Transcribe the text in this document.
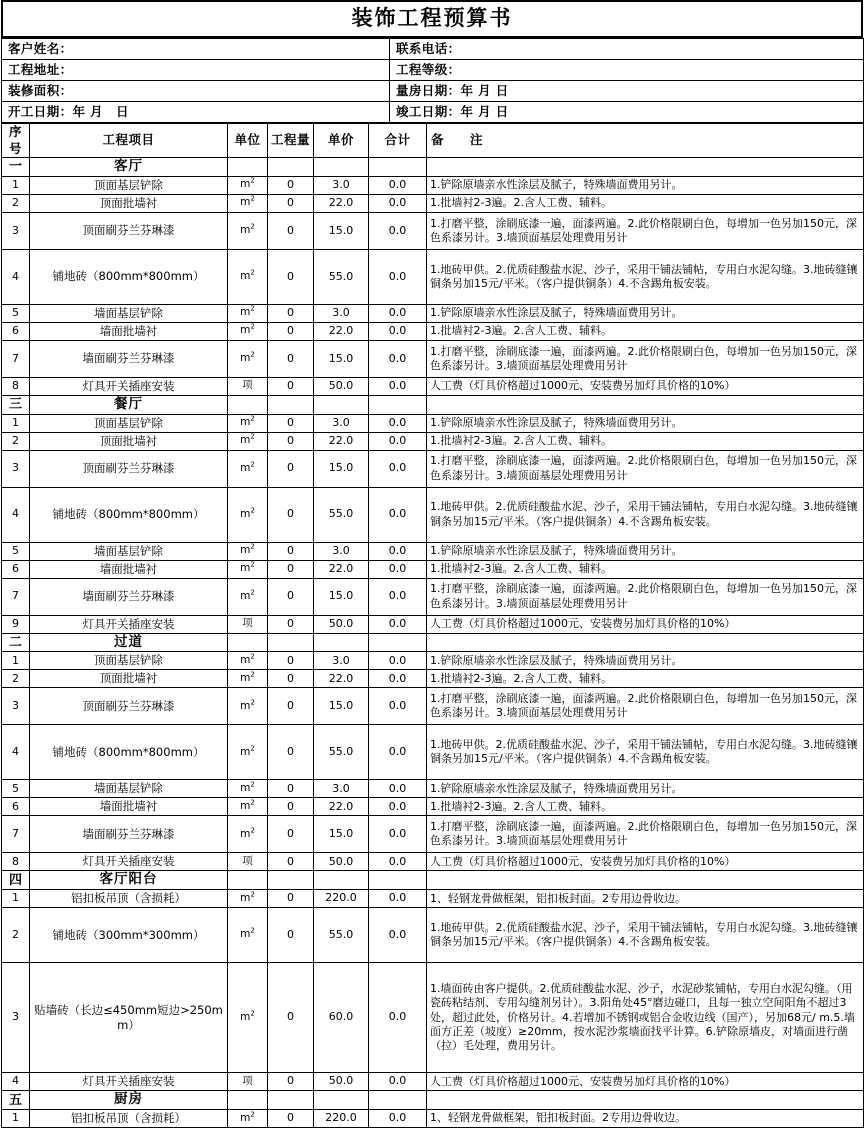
装饰工程预算书
客户姓名：	联系电话：
工程地址：	工程等级：
装修面积：	量房日期：年 月 日
开工日期：年 月　日	竣工日期：年 月 日
序号	工程项目	单位	工程量	单价	合计	备　　注
一	客厅					
1	顶面基层铲除	$m^2$	0	3.0	0.0	1.铲除原墙亲水性涂层及腻子，特殊墙面费用另计。
2	顶面批墙衬	$m^2$	0	22.0	0.0	1.批墙衬2-3遍。2.含人工费、辅料。
3	顶面刷芬兰芬琳漆	$m^2$	0	15.0	0.0	1.打磨平整，涂刷底漆一遍，面漆两遍。2.此价格限刷白色，每增加一色另加150元，深色系漆另计。3.墙顶面基层处理费用另计
4	铺地砖（800mm*800mm）	$m^2$	0	55.0	0.0	1.地砖甲供。2.优质硅酸盐水泥、沙子，采用干铺法铺帖，专用白水泥勾缝。3.地砖缝镶铜条另加15元/平米。（客户提供铜条）4.不含踢角板安装。
5	墙面基层铲除	$m^2$	0	3.0	0.0	1.铲除原墙亲水性涂层及腻子，特殊墙面费用另计。
6	墙面批墙衬	$m^2$	0	22.0	0.0	1.批墙衬2-3遍。2.含人工费、辅料。
7	墙面刷芬兰芬琳漆	$m^2$	0	15.0	0.0	1.打磨平整，涂刷底漆一遍，面漆两遍。2.此价格限刷白色，每增加一色另加150元，深色系漆另计。3.墙顶面基层处理费用另计
8	灯具开关插座安装	项	0	50.0	0.0	人工费（灯具价格超过1000元、安装费另加灯具价格的10%）
三	餐厅					
1	顶面基层铲除	$m^2$	0	3.0	0.0	1.铲除原墙亲水性涂层及腻子，特殊墙面费用另计。
2	顶面批墙衬	$m^2$	0	22.0	0.0	1.批墙衬2-3遍。2.含人工费、辅料。
3	顶面刷芬兰芬琳漆	$m^2$	0	15.0	0.0	1.打磨平整，涂刷底漆一遍，面漆两遍。2.此价格限刷白色，每增加一色另加150元，深色系漆另计。3.墙顶面基层处理费用另计
4	铺地砖（800mm*800mm）	$m^2$	0	55.0	0.0	1.地砖甲供。2.优质硅酸盐水泥、沙子，采用干铺法铺帖，专用白水泥勾缝。3.地砖缝镶铜条另加15元/平米。（客户提供铜条）4.不含踢角板安装。
5	墙面基层铲除	$m^2$	0	3.0	0.0	1.铲除原墙亲水性涂层及腻子，特殊墙面费用另计。
6	墙面批墙衬	$m^2$	0	22.0	0.0	1.批墙衬2-3遍。2.含人工费、辅料。
7	墙面刷芬兰芬琳漆	$m^2$	0	15.0	0.0	1.打磨平整，涂刷底漆一遍，面漆两遍。2.此价格限刷白色，每增加一色另加150元，深色系漆另计。3.墙顶面基层处理费用另计
9	灯具开关插座安装	项	0	50.0	0.0	人工费（灯具价格超过1000元、安装费另加灯具价格的10%）
二	过道					
1	顶面基层铲除	$m^2$	0	3.0	0.0	1.铲除原墙亲水性涂层及腻子，特殊墙面费用另计。
2	顶面批墙衬	$m^2$	0	22.0	0.0	1.批墙衬2-3遍。2.含人工费、辅料。
3	顶面刷芬兰芬琳漆	$m^2$	0	15.0	0.0	1.打磨平整，涂刷底漆一遍，面漆两遍。2.此价格限刷白色，每增加一色另加150元，深色系漆另计。3.墙顶面基层处理费用另计
4	铺地砖（800mm*800mm）	$m^2$	0	55.0	0.0	1.地砖甲供。2.优质硅酸盐水泥、沙子，采用干铺法铺帖，专用白水泥勾缝。3.地砖缝镶铜条另加15元/平米。（客户提供铜条）4.不含踢角板安装。
5	墙面基层铲除	$m^2$	0	3.0	0.0	1.铲除原墙亲水性涂层及腻子，特殊墙面费用另计。
6	墙面批墙衬	$m^2$	0	22.0	0.0	1.批墙衬2-3遍。2.含人工费、辅料。
7	墙面刷芬兰芬琳漆	$m^2$	0	15.0	0.0	1.打磨平整，涂刷底漆一遍，面漆两遍。2.此价格限刷白色，每增加一色另加150元，深色系漆另计。3.墙顶面基层处理费用另计
8	灯具开关插座安装	项	0	50.0	0.0	人工费（灯具价格超过1000元、安装费另加灯具价格的10%）
四	客厅阳台					
1	铝扣板吊顶（含损耗）	$m^2$	0	220.0	0.0	1、轻钢龙骨做框架，铝扣板封面。2专用边骨收边。
2	铺地砖（300mm*300mm）	$m^2$	0	55.0	0.0	1.地砖甲供。2.优质硅酸盐水泥、沙子，采用干铺法铺帖，专用白水泥勾缝。3.地砖缝镶铜条另加15元/平米。（客户提供铜条）4.不含踢角板安装。
3	贴墙砖（长边≤450mm短边>250mm）	$m^2$	0	60.0	0.0	1.墙面砖由客户提供。2.优质硅酸盐水泥、沙子，水泥砂浆铺帖，专用白水泥勾缝。（用瓷砖粘结剂、专用勾缝剂另计）。3.阳角处45°磨边碰口，且每一独立空间阳角不超过3处，超过此处，价格另计。4.若增加不锈钢或铝合金收边线（国产），另加68元/ m.5.墙面方正差（坡度）≥20mm，按水泥沙浆墙面找平计算。6.铲除原墙皮，对墙面进行凿（拉）毛处理，费用另计。
4	灯具开关插座安装	项	0	50.0	0.0	人工费（灯具价格超过1000元、安装费另加灯具价格的10%）
五	厨房					
1	铝扣板吊顶（含损耗）	$m^2$	0	220.0	0.0	1、轻钢龙骨做框架，铝扣板封面。2专用边骨收边。
